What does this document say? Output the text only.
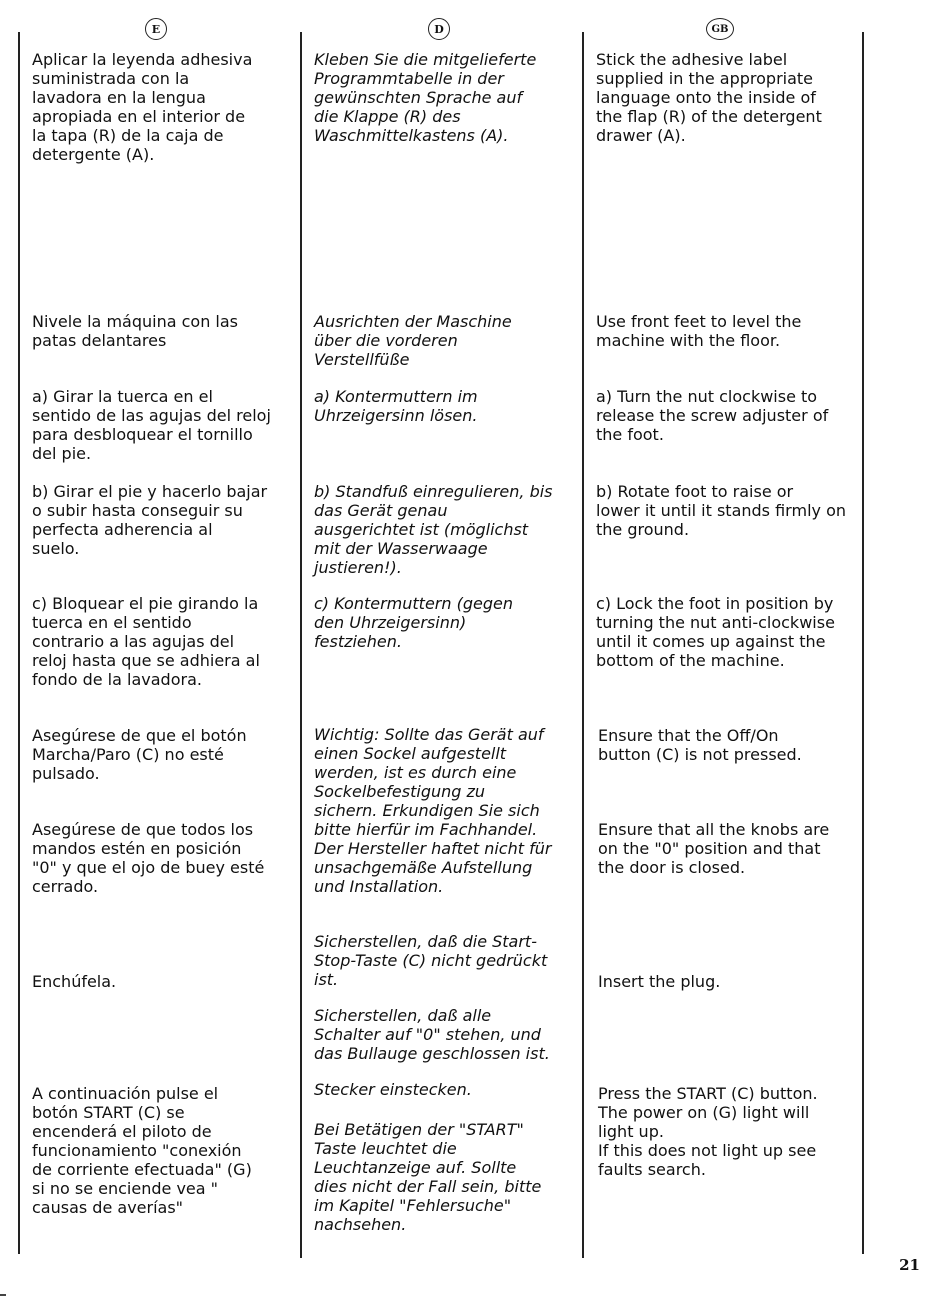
E

Aplicar la leyenda adhesiva
suministrada con la
lavadora en la lengua
apropiada en el interior de
la tapa (R) de la caja de
detergente (A).

Nivele la máquina con las
patas delantares

a) Girar la tuerca en el
sentido de las agujas del reloj
para desbloquear el tornillo
del pie.

b) Girar el pie y hacerlo bajar
o subir hasta conseguir su
perfecta adherencia al
suelo.

c) Bloquear el pie girando la
tuerca en el sentido
contrario a las agujas del
reloj hasta que se adhiera al
fondo de la lavadora.

Asegúrese de que el botón
Marcha/Paro (C) no esté
pulsado.

Asegúrese de que todos los
mandos estén en posición
"0" y que el ojo de buey esté
cerrado.

Enchúfela.

A continuación pulse el
botón START (C) se
encenderá el piloto de
funcionamiento "conexión
de corriente efectuada" (G)
si no se enciende vea "
causas de averías"

D

Kleben Sie die mitgelieferte
Programmtabelle in der
gewünschten Sprache auf
die Klappe (R) des
Waschmittelkastens (A).

Ausrichten der Maschine
über die vorderen
Verstellfüße

a) Kontermuttern im
Uhrzeigersinn lösen.

b) Standfuß einregulieren, bis
das Gerät genau
ausgerichtet ist (möglichst
mit der Wasserwaage
justieren!).

c) Kontermuttern (gegen
den Uhrzeigersinn)
festziehen.

Wichtig: Sollte das Gerät auf
einen Sockel aufgestellt
werden, ist es durch eine
Sockelbefestigung zu
sichern. Erkundigen Sie sich
bitte hierfür im Fachhandel.
Der Hersteller haftet nicht für
unsachgemäße Aufstellung
und Installation.

Sicherstellen, daß die Start-
Stop-Taste (C) nicht gedrückt
ist.

Sicherstellen, daß alle
Schalter auf "0" stehen, und
das Bullauge geschlossen ist.

Stecker einstecken.

Bei Betätigen der "START"
Taste leuchtet die
Leuchtanzeige auf. Sollte
dies nicht der Fall sein, bitte
im Kapitel "Fehlersuche"
nachsehen.

GB

Stick the adhesive label
supplied in the appropriate
language onto the inside of
the flap (R) of the detergent
drawer (A).

Use front feet to level the
machine with the floor.

a) Turn the nut clockwise to
release the screw adjuster of
the foot.

b) Rotate foot to raise or
lower it until it stands firmly on
the ground.

c) Lock the foot in position by
turning the nut anti-clockwise
until it comes up against the
bottom of the machine.

Ensure that the Off/On
button (C) is not pressed.

Ensure that all the knobs are
on the "0" position and that
the door is closed.

Insert the plug.

Press the START (C) button.
The power on (G) light will
light up.
If this does not light up see
faults search.

21
